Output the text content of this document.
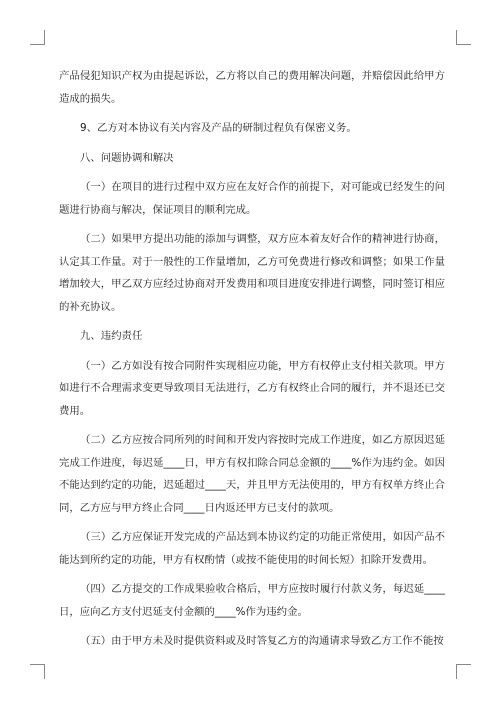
产品侵犯知识产权为由提起诉讼，乙方将以自己的费用解决问题，并赔偿因此给甲方造成的损失。

9、乙方对本协议有关内容及产品的研制过程负有保密义务。

八、问题协调和解决

（一）在项目的进行过程中双方应在友好合作的前提下，对可能或已经发生的问题进行协商与解决，保证项目的顺利完成。

（二）如果甲方提出功能的添加与调整，双方应本着友好合作的精神进行协商，认定其工作量。对于一般性的工作量增加，乙方可免费进行修改和调整；如果工作量增加较大，甲乙双方应经过协商对开发费用和项目进度安排进行调整，同时签订相应的补充协议。

九、违约责任

（一）乙方如没有按合同附件实现相应功能，甲方有权停止支付相关款项。甲方如进行不合理需求变更导致项目无法进行，乙方有权终止合同的履行，并不退还已交费用。

（二）乙方应按合同所列的时间和开发内容按时完成工作进度，如乙方原因迟延完成工作进度，每迟延____日，甲方有权扣除合同总金额的____%作为违约金。如因不能达到约定的功能，迟延超过____天，并且甲方无法使用的，甲方有权单方终止合同，乙方应与甲方终止合同____日内返还甲方已支付的款项。

（三）乙方应保证开发完成的产品达到本协议约定的功能正常使用，如因产品不能达到所约定的功能，甲方有权酌情（或按不能使用的时间长短）扣除开发费用。

（四）乙方提交的工作成果验收合格后，甲方应按时履行付款义务，每迟延____日，应向乙方支付迟延支付金额的____%作为违约金。

（五）由于甲方未及时提供资料或及时答复乙方的沟通请求导致乙方工作不能按
